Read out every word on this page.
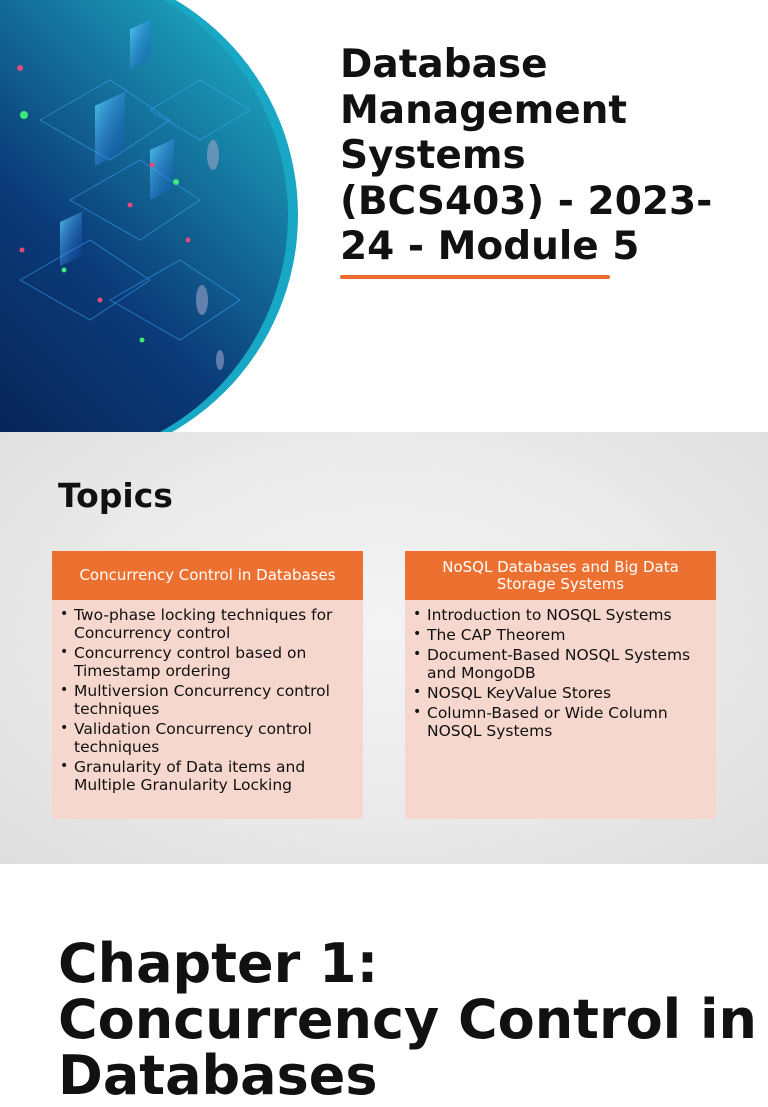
Database
Management
Systems
(BCS403) - 2023-
24 - Module 5
Topics
Concurrency Control in Databases
• Two-phase locking techniques for Concurrency control
• Concurrency control based on Timestamp ordering
• Multiversion Concurrency control techniques
• Validation Concurrency control techniques
• Granularity of Data items and Multiple Granularity Locking
NoSQL Databases and Big Data Storage Systems
• Introduction to NOSQL Systems
• The CAP Theorem
• Document-Based NOSQL Systems and MongoDB
• NOSQL KeyValue Stores
• Column-Based or Wide Column NOSQL Systems
Chapter 1: Concurrency Control in Databases
